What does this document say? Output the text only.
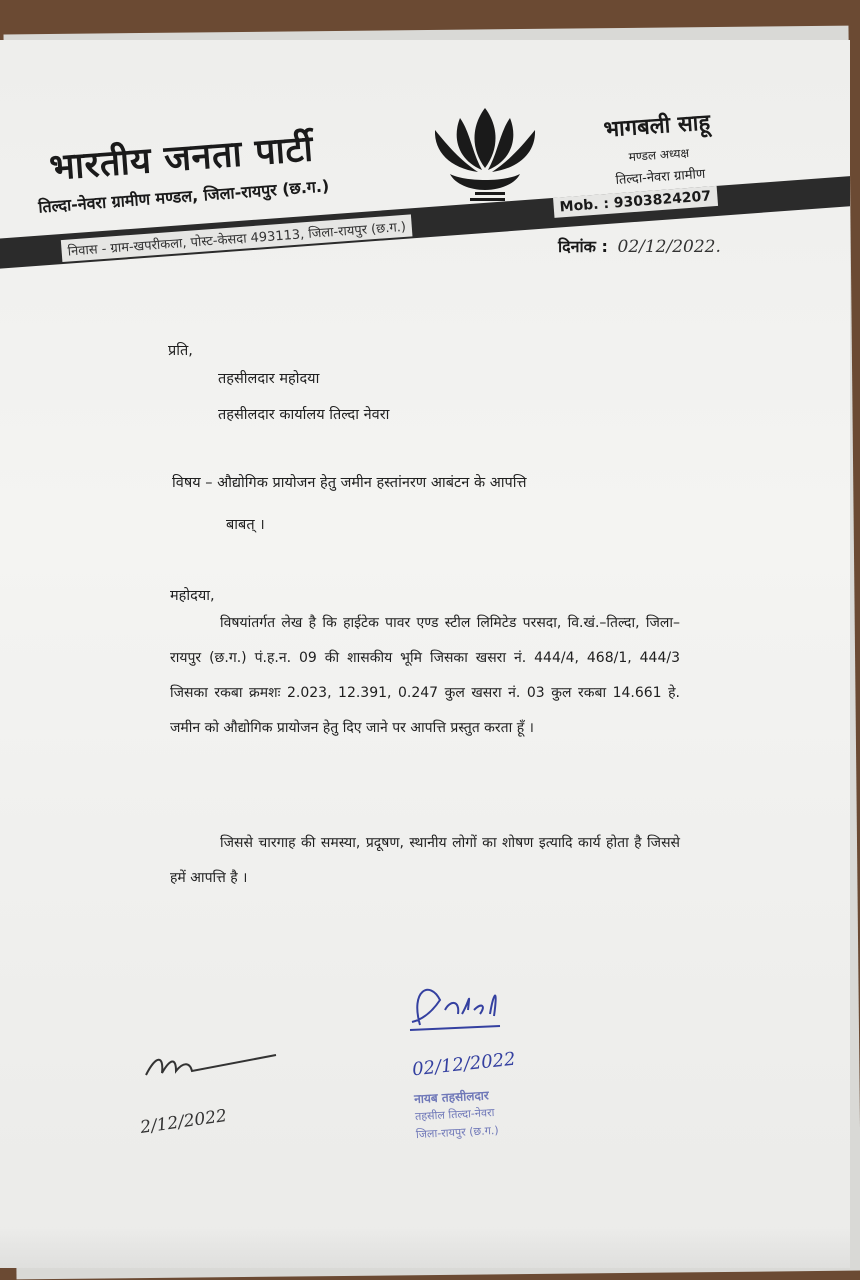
भारतीय जनता पार्टी
तिल्दा-नेवरा ग्रामीण मण्डल, जिला-रायपुर (छ.ग.)
निवास - ग्राम-खपरीकला, पोस्ट-केसदा 493113, जिला-रायपुर (छ.ग.)
Mob. : 9303824207
भागबली साहू
मण्डल अध्यक्ष
तिल्दा-नेवरा ग्रामीण
दिनांक : 02/12/2022.
प्रति,
तहसीलदार महोदया
तहसीलदार कार्यालय तिल्दा नेवरा
विषय – औद्योगिक प्रायोजन हेतु जमीन हस्तांनरण आबंटन के आपत्ति
बाबत् ।
महोदया,
विषयांतर्गत लेख है कि हाईटेक पावर एण्ड स्टील लिमिटेड परसदा, वि.खं.–तिल्दा, जिला–रायपुर (छ.ग.) पं.ह.न. 09 की शासकीय भूमि जिसका खसरा नं. 444/4, 468/1, 444/3 जिसका रकबा क्रमशः 2.023, 12.391, 0.247 कुल खसरा नं. 03 कुल रकबा 14.661 हे. जमीन को औद्योगिक प्रायोजन हेतु दिए जाने पर आपत्ति प्रस्तुत करता हूँ ।
जिससे चारगाह की समस्या, प्रदूषण, स्थानीय लोगों का शोषण इत्यादि कार्य होता है जिससे हमें आपत्ति है ।
2/12/2022
02/12/2022
नायब तहसीलदार
तहसील तिल्दा-नेवरा
जिला-रायपुर (छ.ग.)
